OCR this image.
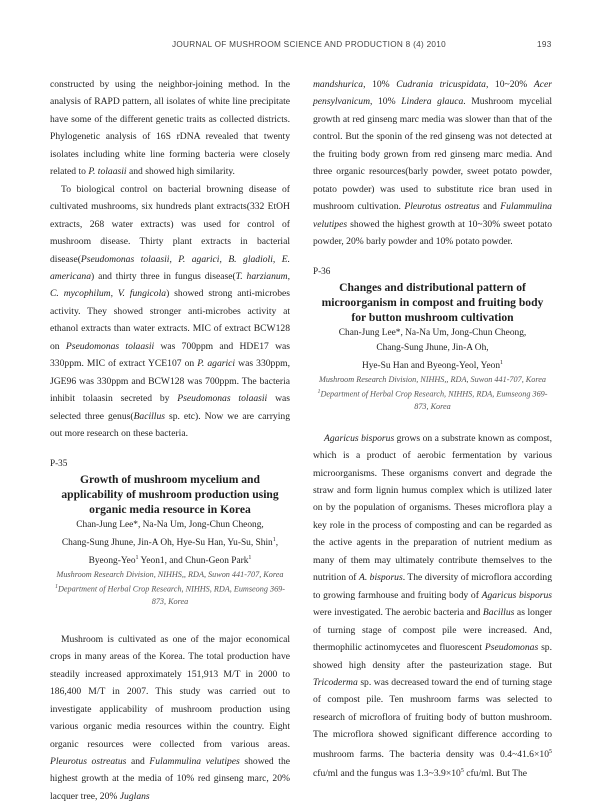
JOURNAL OF MUSHROOM SCIENCE AND PRODUCTION 8 (4) 2010	193

constructed by using the neighbor-joining method. In the analysis of RAPD pattern, all isolates of white line precipitate have some of the different genetic traits as collected districts. Phylogenetic analysis of 16S rDNA revealed that twenty isolates including white line forming bacteria were closely related to P. tolaasii and showed high similarity.

To biological control on bacterial browning disease of cultivated mushrooms, six hundreds plant extracts(332 EtOH extracts, 268 water extracts) was used for control of mushroom disease. Thirty plant extracts in bacterial disease(Pseudomonas tolaasii, P. agarici, B. gladioli, E. americana) and thirty three in fungus disease(T. harzianum, C. mycophilum, V. fungicola) showed strong anti-microbes activity. They showed stronger anti-microbes activity at ethanol extracts than water extracts. MIC of extract BCW128 on Pseudomonas tolaasii was 700ppm and HDE17 was 330ppm. MIC of extract YCE107 on P. agarici was 330ppm, JGE96 was 330ppm and BCW128 was 700ppm. The bacteria inhibit tolaasin secreted by Pseudomonas tolaasii was selected three genus(Bacillus sp. etc). Now we are carrying out more research on these bacteria.

P-35

Growth of mushroom mycelium and applicability of mushroom production using organic media resource in Korea

Chan-Jung Lee*, Na-Na Um, Jong-Chun Cheong,
Chang-Sung Jhune, Jin-A Oh, Hye-Su Han, Yu-Su, Shin$^1$,
Byeong-Yeo$^1$ Yeon1, and Chun-Geon Park$^1$

Mushroom Research Division, NIHHS,, RDA, Suwon 441-707, Korea

$^1$Department of Herbal Crop Research, NIHHS, RDA, Eumseong 369-873, Korea

Mushroom is cultivated as one of the major economical crops in many areas of the Korea. The total production have steadily increased approximately 151,913 M/T in 2000 to 186,400 M/T in 2007. This study was carried out to investigate applicability of mushroom production using various organic media resources within the country. Eight organic resources were collected from various areas. Pleurotus ostreatus and Fulammulina velutipes showed the highest growth at the media of 10% red ginseng marc, 20% lacquer tree, 20% Juglans

mandshurica, 10% Cudrania tricuspidata, 10~20% Acer pensylvanicum, 10% Lindera glauca. Mushroom mycelial growth at red ginseng marc media was slower than that of the control. But the sponin of the red ginseng was not detected at the fruiting body grown from red ginseng marc media. And three organic resources(barly powder, sweet potato powder, potato powder) was used to substitute rice bran used in mushroom cultivation. Pleurotus ostreatus and Fulammulina velutipes showed the highest growth at 10~30% sweet potato powder, 20% barly powder and 10% potato powder.

P-36

Changes and distributional pattern of microorganism in compost and fruiting body for button mushroom cultivation

Chan-Jung Lee*, Na-Na Um, Jong-Chun Cheong,
Chang-Sung Jhune, Jin-A Oh,
Hye-Su Han and Byeong-Yeol, Yeon$^1$

Mushroom Research Division, NIHHS,, RDA, Suwon 441-707, Korea

$^1$Department of Herbal Crop Research, NIHHS, RDA, Eumseong 369-873, Korea

Agaricus bisporus grows on a substrate known as compost, which is a product of aerobic fermentation by various microorganisms. These organisms convert and degrade the straw and form lignin humus complex which is utilized later on by the population of organisms. Theses microflora play a key role in the process of composting and can be regarded as the active agents in the preparation of nutrient medium as many of them may ultimately contribute themselves to the nutrition of A. bisporus. The diversity of microflora according to growing farmhouse and fruiting body of Agaricus bisporus were investigated. The aerobic bacteria and Bacillus as longer of turning stage of compost pile were increased. And, thermophilic actinomycetes and fluorescent Pseudomonas sp. showed high density after the pasteurization stage. But Tricoderma sp. was decreased toward the end of turning stage of compost pile. Ten mushroom farms was selected to research of microflora of fruiting body of button mushroom. The microflora showed significant difference according to mushroom farms. The bacteria density was $0.4\sim 41.6\times 10^5$ cfu/ml and the fungus was $1.3\sim 3.9\times 10^5$ cfu/ml. But The
